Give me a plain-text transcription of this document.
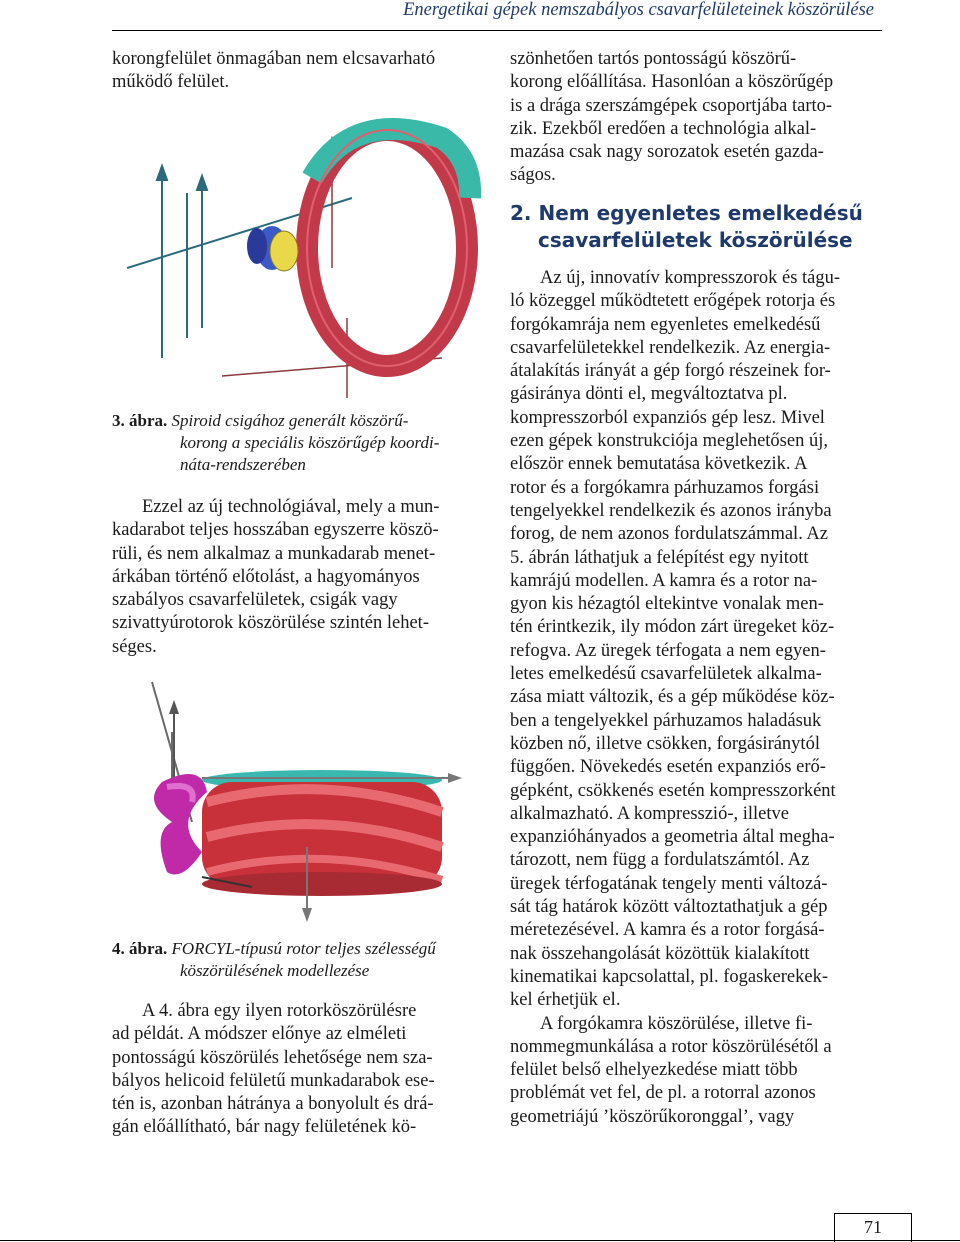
Energetikai gépek nemszabályos csavarfelületeinek köszörülése
korongfelület önmagában nem elcsavarható
működő felület.
3. ábra. Spiroid csigához generált köszörű-
korong a speciális köszörűgép koordi-
náta-rendszerében
Ezzel az új technológiával, mely a mun-
kadarabot teljes hosszában egyszerre köszö-
rüli, és nem alkalmaz a munkadarab menet-
árkában történő előtolást, a hagyományos
szabályos csavarfelületek, csigák vagy
szivattyúrotorok köszörülése szintén lehet-
séges.
4. ábra. FORCYL-típusú rotor teljes szélességű
köszörülésének modellezése
A 4. ábra egy ilyen rotorköszörülésre
ad példát. A módszer előnye az elméleti
pontosságú köszörülés lehetősége nem sza-
bályos helicoid felületű munkadarabok ese-
tén is, azonban hátránya a bonyolult és drá-
gán előállítható, bár nagy felületének kö-
szönhetően tartós pontosságú köszörű-
korong előállítása. Hasonlóan a köszörűgép
is a drága szerszámgépek csoportjába tarto-
zik. Ezekből eredően a technológia alkal-
mazása csak nagy sorozatok esetén gazda-
ságos.
2. Nem egyenletes emelkedésű
csavarfelületek köszörülése
Az új, innovatív kompresszorok és tágu-
ló közeggel működtetett erőgépek rotorja és
forgókamrája nem egyenletes emelkedésű
csavarfelületekkel rendelkezik. Az energia-
átalakítás irányát a gép forgó részeinek for-
gásiránya dönti el, megváltoztatva pl.
kompresszorból expanziós gép lesz. Mivel
ezen gépek konstrukciója meglehetősen új,
először ennek bemutatása következik. A
rotor és a forgókamra párhuzamos forgási
tengelyekkel rendelkezik és azonos irányba
forog, de nem azonos fordulatszámmal. Az
5. ábrán láthatjuk a felépítést egy nyitott
kamrájú modellen. A kamra és a rotor na-
gyon kis hézagtól eltekintve vonalak men-
tén érintkezik, ily módon zárt üregeket köz-
refogva. Az üregek térfogata a nem egyen-
letes emelkedésű csavarfelületek alkalma-
zása miatt változik, és a gép működése köz-
ben a tengelyekkel párhuzamos haladásuk
közben nő, illetve csökken, forgásiránytól
függően. Növekedés esetén expanziós erő-
gépként, csökkenés esetén kompresszorként
alkalmazható. A kompresszió-, illetve
expanzióhányados a geometria által megha-
tározott, nem függ a fordulatszámtól. Az
üregek térfogatának tengely menti változá-
sát tág határok között változtathatjuk a gép
méretezésével. A kamra és a rotor forgásá-
nak összehangolását közöttük kialakított
kinematikai kapcsolattal, pl. fogaskerekek-
kel érhetjük el.
A forgókamra köszörülése, illetve fi-
nommegmunkálása a rotor köszörülésétől a
felület belső elhelyezkedése miatt több
problémát vet fel, de pl. a rotorral azonos
geometriájú ’köszörűkoronggal’, vagy
71
